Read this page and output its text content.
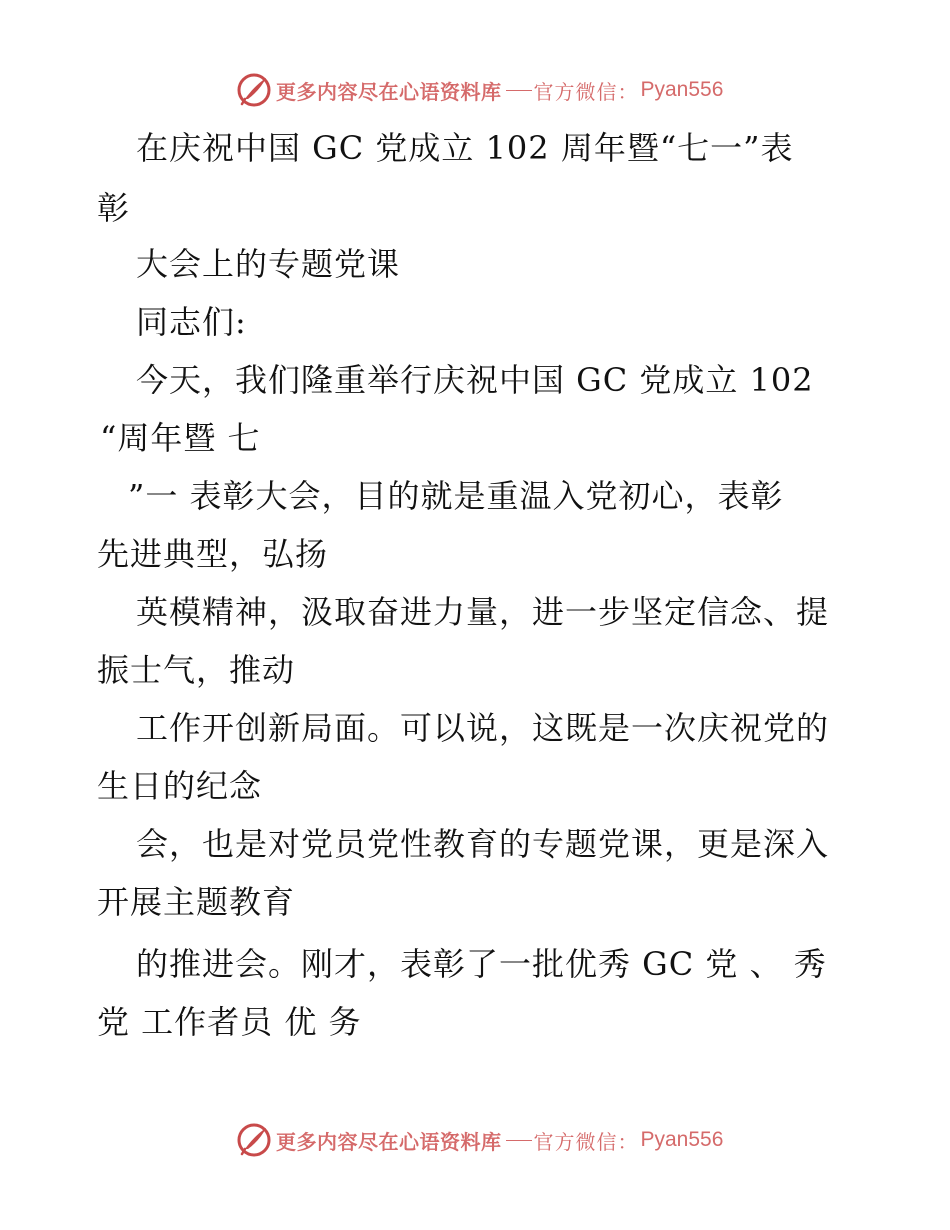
更多内容尽在心语资料库 官方微信： Pyan556
在庆祝中国 GC 党成立 102 周年暨“七一”表
彰
大会上的专题党课
同志们:
今天，我们隆重举行庆祝中国 GC 党成立 102
“周年暨 七
”一 表彰大会，目的就是重温入党初心，表彰
先进典型，弘扬
英模精神，汲取奋进力量，进一步坚定信念、提
振士气，推动
工作开创新局面。可以说，这既是一次庆祝党的
生日的纪念
会，也是对党员党性教育的专题党课，更是深入
开展主题教育
的推进会。刚才，表彰了一批优秀 GC 党 、 秀
党 工作者员 优 务
更多内容尽在心语资料库 官方微信： Pyan556
